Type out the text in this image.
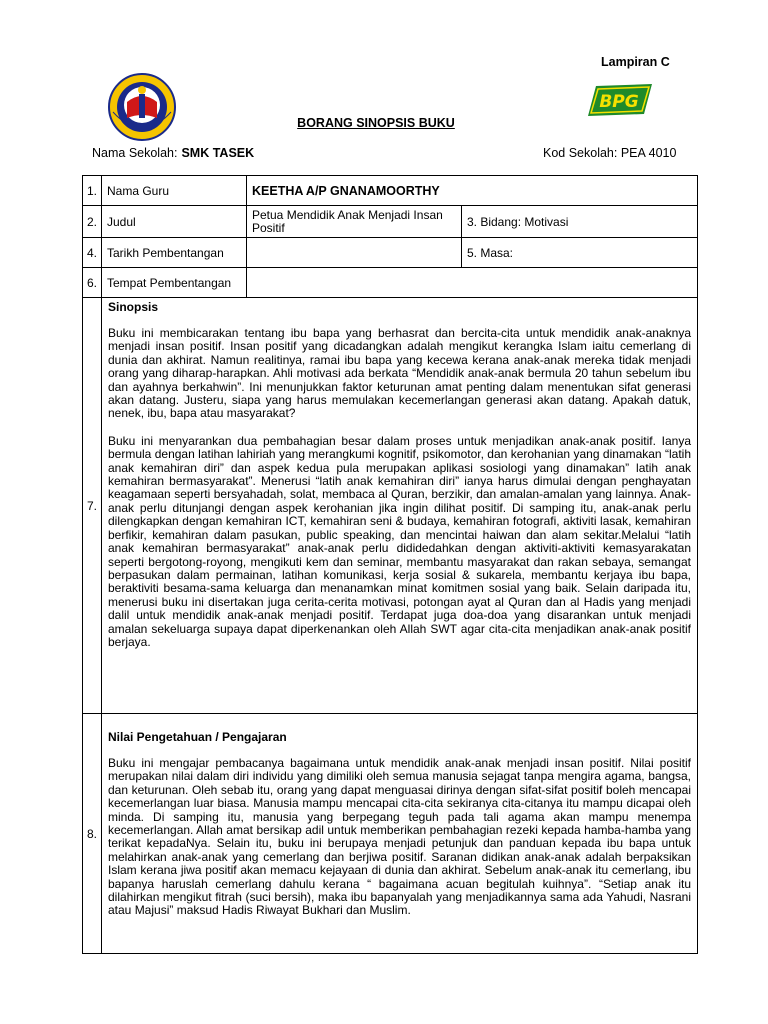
Lampiran C
BPG
BORANG SINOPSIS BUKU
Nama Sekolah: SMK TASEK	Kod Sekolah: PEA 4010
1.	Nama Guru	KEETHA A/P GNANAMOORTHY	
2.	Judul	Petua Mendidik Anak Menjadi Insan Positif	3. Bidang: Motivasi
4.	Tarikh Pembentangan		5. Masa:
6.	Tempat Pembentangan		
7.	Sinopsis
Buku ini membicarakan tentang ibu bapa yang berhasrat dan bercita-cita untuk mendidik anak-anaknya menjadi insan positif. Insan positif yang dicadangkan adalah mengikut kerangka Islam iaitu cemerlang di dunia dan akhirat. Namun realitinya, ramai ibu bapa yang kecewa kerana anak-anak mereka tidak menjadi orang yang diharap-harapkan. Ahli motivasi ada berkata “Mendidik anak-anak bermula 20 tahun sebelum ibu dan ayahnya berkahwin”. Ini menunjukkan faktor keturunan amat penting dalam menentukan sifat generasi akan datang. Justeru, siapa yang harus memulakan kecemerlangan generasi akan datang. Apakah datuk, nenek, ibu, bapa atau masyarakat?
Buku ini menyarankan dua pembahagian besar dalam proses untuk menjadikan anak-anak positif. Ianya bermula dengan latihan lahiriah yang merangkumi kognitif, psikomotor, dan kerohanian yang dinamakan “latih anak kemahiran diri” dan aspek kedua pula merupakan aplikasi sosiologi yang dinamakan” latih anak kemahiran bermasyarakat”. Menerusi “latih anak kemahiran diri” ianya harus dimulai dengan penghayatan keagamaan seperti bersyahadah, solat, membaca al Quran, berzikir, dan amalan-amalan yang lainnya. Anak-anak perlu ditunjangi dengan aspek kerohanian jika ingin dilihat positif. Di samping itu, anak-anak perlu dilengkapkan dengan kemahiran ICT, kemahiran seni & budaya, kemahiran fotografi, aktiviti lasak, kemahiran berfikir, kemahiran dalam pasukan, public speaking, dan mencintai haiwan dan alam sekitar.Melalui “latih anak kemahiran bermasyarakat” anak-anak perlu dididedahkan dengan aktiviti-aktiviti kemasyarakatan seperti bergotong-royong, mengikuti kem dan seminar, membantu masyarakat dan rakan sebaya, semangat berpasukan dalam permainan, latihan komunikasi, kerja sosial & sukarela, membantu kerjaya ibu bapa, beraktiviti besama-sama keluarga dan menanamkan minat komitmen sosial yang baik. Selain daripada itu, menerusi buku ini disertakan juga cerita-cerita motivasi, potongan ayat al Quran dan al Hadis yang menjadi dalil untuk mendidik anak-anak menjadi positif. Terdapat juga doa-doa yang disarankan untuk menjadi amalan sekeluarga supaya dapat diperkenankan oleh Allah SWT agar cita-cita menjadikan anak-anak positif berjaya.		

8.	Nilai Pengetahuan / Pengajaran
Buku ini mengajar pembacanya bagaimana untuk mendidik anak-anak menjadi insan positif. Nilai positif merupakan nilai dalam diri individu yang dimiliki oleh semua manusia sejagat tanpa mengira agama, bangsa, dan keturunan. Oleh sebab itu, orang yang dapat menguasai dirinya dengan sifat-sifat positif boleh mencapai kecemerlangan luar biasa. Manusia mampu mencapai cita-cita sekiranya cita-citanya itu mampu dicapai oleh minda. Di samping itu, manusia yang berpegang teguh pada tali agama akan mampu menempa kecemerlangan. Allah amat bersikap adil untuk memberikan pembahagian rezeki kepada hamba-hamba yang terikat kepadaNya. Selain itu, buku ini berupaya menjadi petunjuk dan panduan kepada ibu bapa untuk melahirkan anak-anak yang cemerlang dan berjiwa positif. Saranan didikan anak-anak adalah berpaksikan Islam kerana jiwa positif akan memacu kejayaan di dunia dan akhirat. Sebelum anak-anak itu cemerlang, ibu bapanya haruslah cemerlang dahulu kerana “ bagaimana acuan begitulah kuihnya”. “Setiap anak itu dilahirkan mengikut fitrah (suci bersih), maka ibu bapanyalah yang menjadikannya sama ada Yahudi, Nasrani atau Majusi” maksud Hadis Riwayat Bukhari dan Muslim.		
